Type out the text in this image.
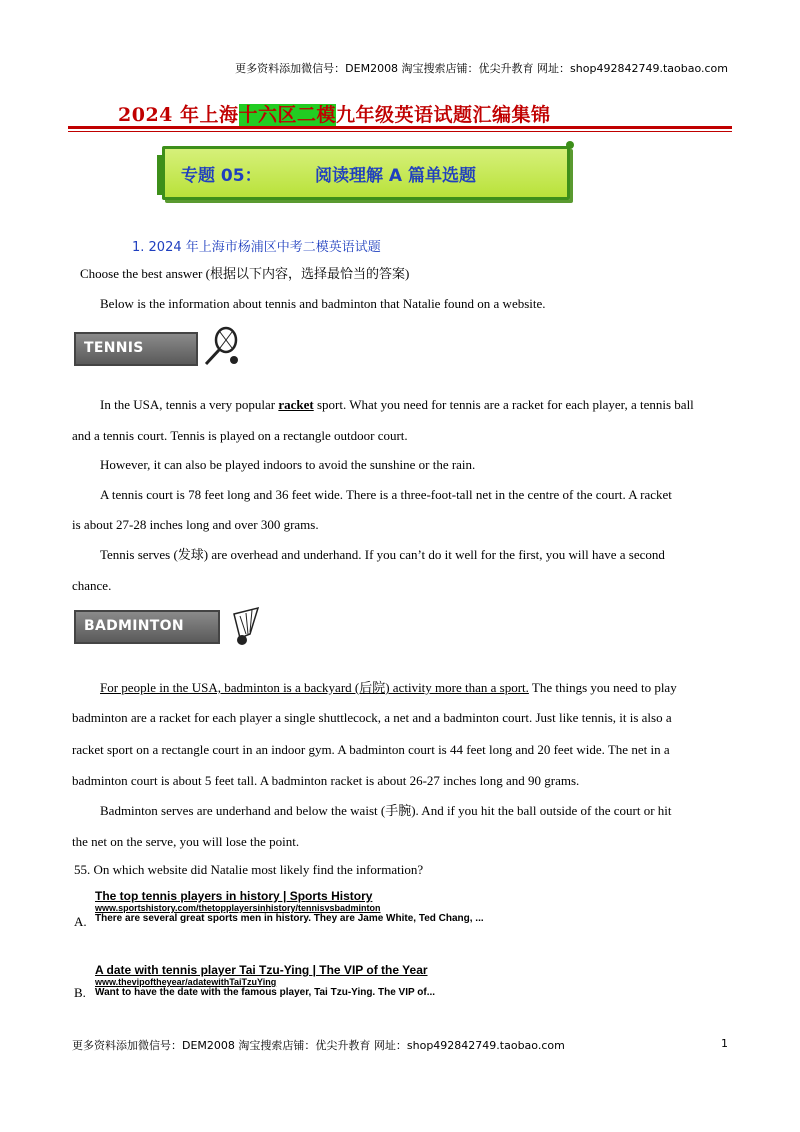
更多资料添加微信号：DEM2008 淘宝搜索店铺：优尖升教育 网址：shop492842749.taobao.com
2024 年上海十六区二模九年级英语试题汇编集锦
专题 05：	阅读理解 A 篇单选题
1. 2024 年上海市杨浦区中考二模英语试题
Choose the best answer (根据以下内容，选择最恰当的答案)
Below is the information about tennis and badminton that Natalie found on a website.
TENNIS
In the USA, tennis a very popular racket sport. What you need for tennis are a racket for each player, a tennis ball
and a tennis court. Tennis is played on a rectangle outdoor court.
However, it can also be played indoors to avoid the sunshine or the rain.
A tennis court is 78 feet long and 36 feet wide. There is a three-foot-tall net in the centre of the court. A racket
is about 27-28 inches long and over 300 grams.
Tennis serves (发球) are overhead and underhand. If you can’t do it well for the first, you will have a second
chance.
BADMINTON
For people in the USA, badminton is a backyard (后院) activity more than a sport. The things you need to play
badminton are a racket for each player a single shuttlecock, a net and a badminton court. Just like tennis, it is also a
racket sport on a rectangle court in an indoor gym. A badminton court is 44 feet long and 20 feet wide. The net in a
badminton court is about 5 feet tall. A badminton racket is about 26-27 inches long and 90 grams.
Badminton serves are underhand and below the waist (手腕). And if you hit the ball outside of the court or hit
the net on the serve, you will lose the point.
55. On which website did Natalie most likely find the information?
A.
The top tennis players in history | Sports History
www.sportshistory.com/thetopplayersinhistory/tennisvsbadminton
There are several great sports men in history. They are Jame White, Ted Chang, ...
B.
A date with tennis player Tai Tzu-Ying | The VIP of the Year
www.thevipoftheyear/adatewithTaiTzuYing
Want to have the date with the famous player, Tai Tzu-Ying. The VIP of...
更多资料添加微信号：DEM2008 淘宝搜索店铺：优尖升教育 网址：shop492842749.taobao.com	1
